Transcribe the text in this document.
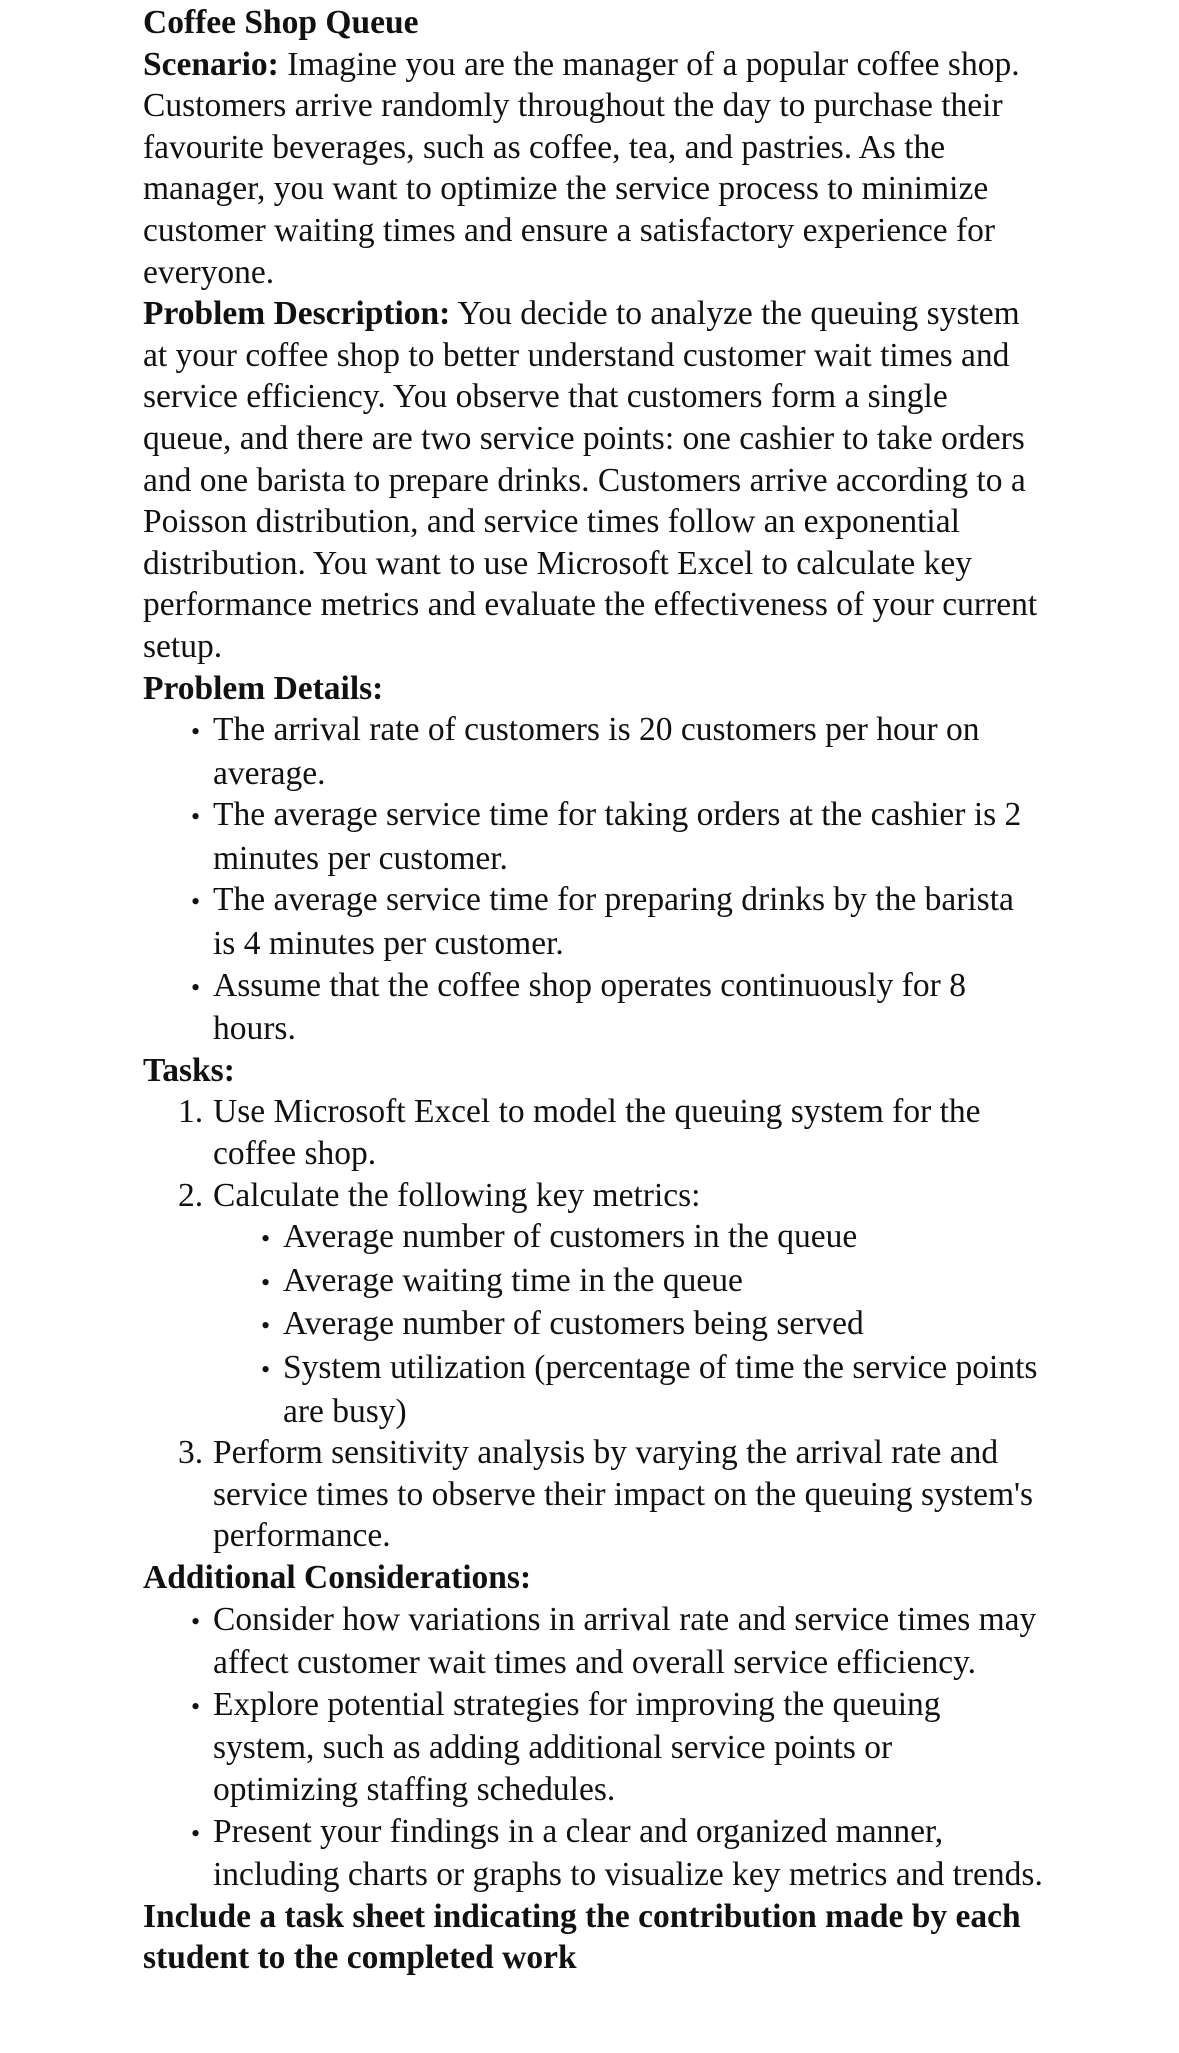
Coffee Shop Queue

Scenario: Imagine you are the manager of a popular coffee shop. Customers arrive randomly throughout the day to purchase their favourite beverages, such as coffee, tea, and pastries. As the manager, you want to optimize the service process to minimize customer waiting times and ensure a satisfactory experience for everyone.

Problem Description: You decide to analyze the queuing system at your coffee shop to better understand customer wait times and service efficiency. You observe that customers form a single queue, and there are two service points: one cashier to take orders and one barista to prepare drinks. Customers arrive according to a Poisson distribution, and service times follow an exponential distribution. You want to use Microsoft Excel to calculate key performance metrics and evaluate the effectiveness of your current setup.

Problem Details:

• The arrival rate of customers is 20 customers per hour on average.
• The average service time for taking orders at the cashier is 2 minutes per customer.
• The average service time for preparing drinks by the barista is 4 minutes per customer.
• Assume that the coffee shop operates continuously for 8 hours.

Tasks:

1. Use Microsoft Excel to model the queuing system for the coffee shop.
2. Calculate the following key metrics:
• Average number of customers in the queue
• Average waiting time in the queue
• Average number of customers being served
• System utilization (percentage of time the service points are busy)
3. Perform sensitivity analysis by varying the arrival rate and service times to observe their impact on the queuing system's performance.

Additional Considerations:

• Consider how variations in arrival rate and service times may affect customer wait times and overall service efficiency.
• Explore potential strategies for improving the queuing system, such as adding additional service points or optimizing staffing schedules.
• Present your findings in a clear and organized manner, including charts or graphs to visualize key metrics and trends.

Include a task sheet indicating the contribution made by each student to the completed work
